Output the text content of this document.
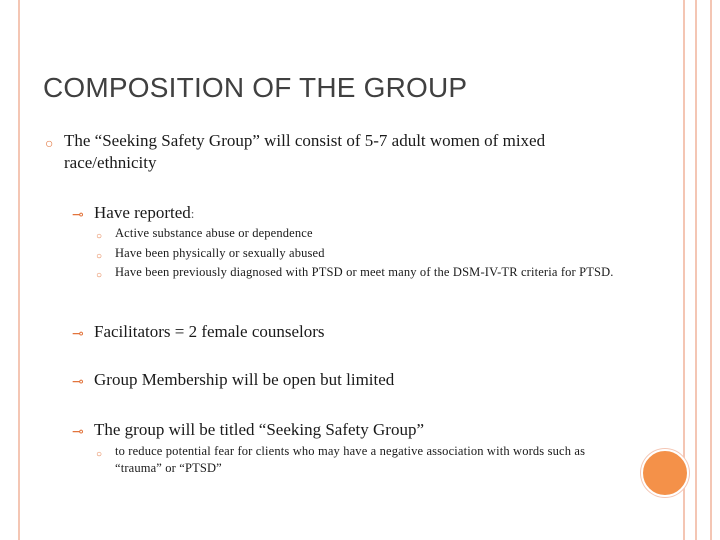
COMPOSITION OF THE GROUP
○ The “Seeking Safety Group” will consist of 5-7 adult women of mixed race/ethnicity
⊸ Have reported:
○ Active substance abuse or dependence
○ Have been physically or sexually abused
○ Have been previously diagnosed with PTSD or meet many of the DSM-IV-TR criteria for PTSD.
⊸ Facilitators = 2 female counselors
⊸ Group Membership will be open but limited
⊸ The group will be titled “Seeking Safety Group”
○ to reduce potential fear for clients who may have a negative association with words such as “trauma” or “PTSD”
